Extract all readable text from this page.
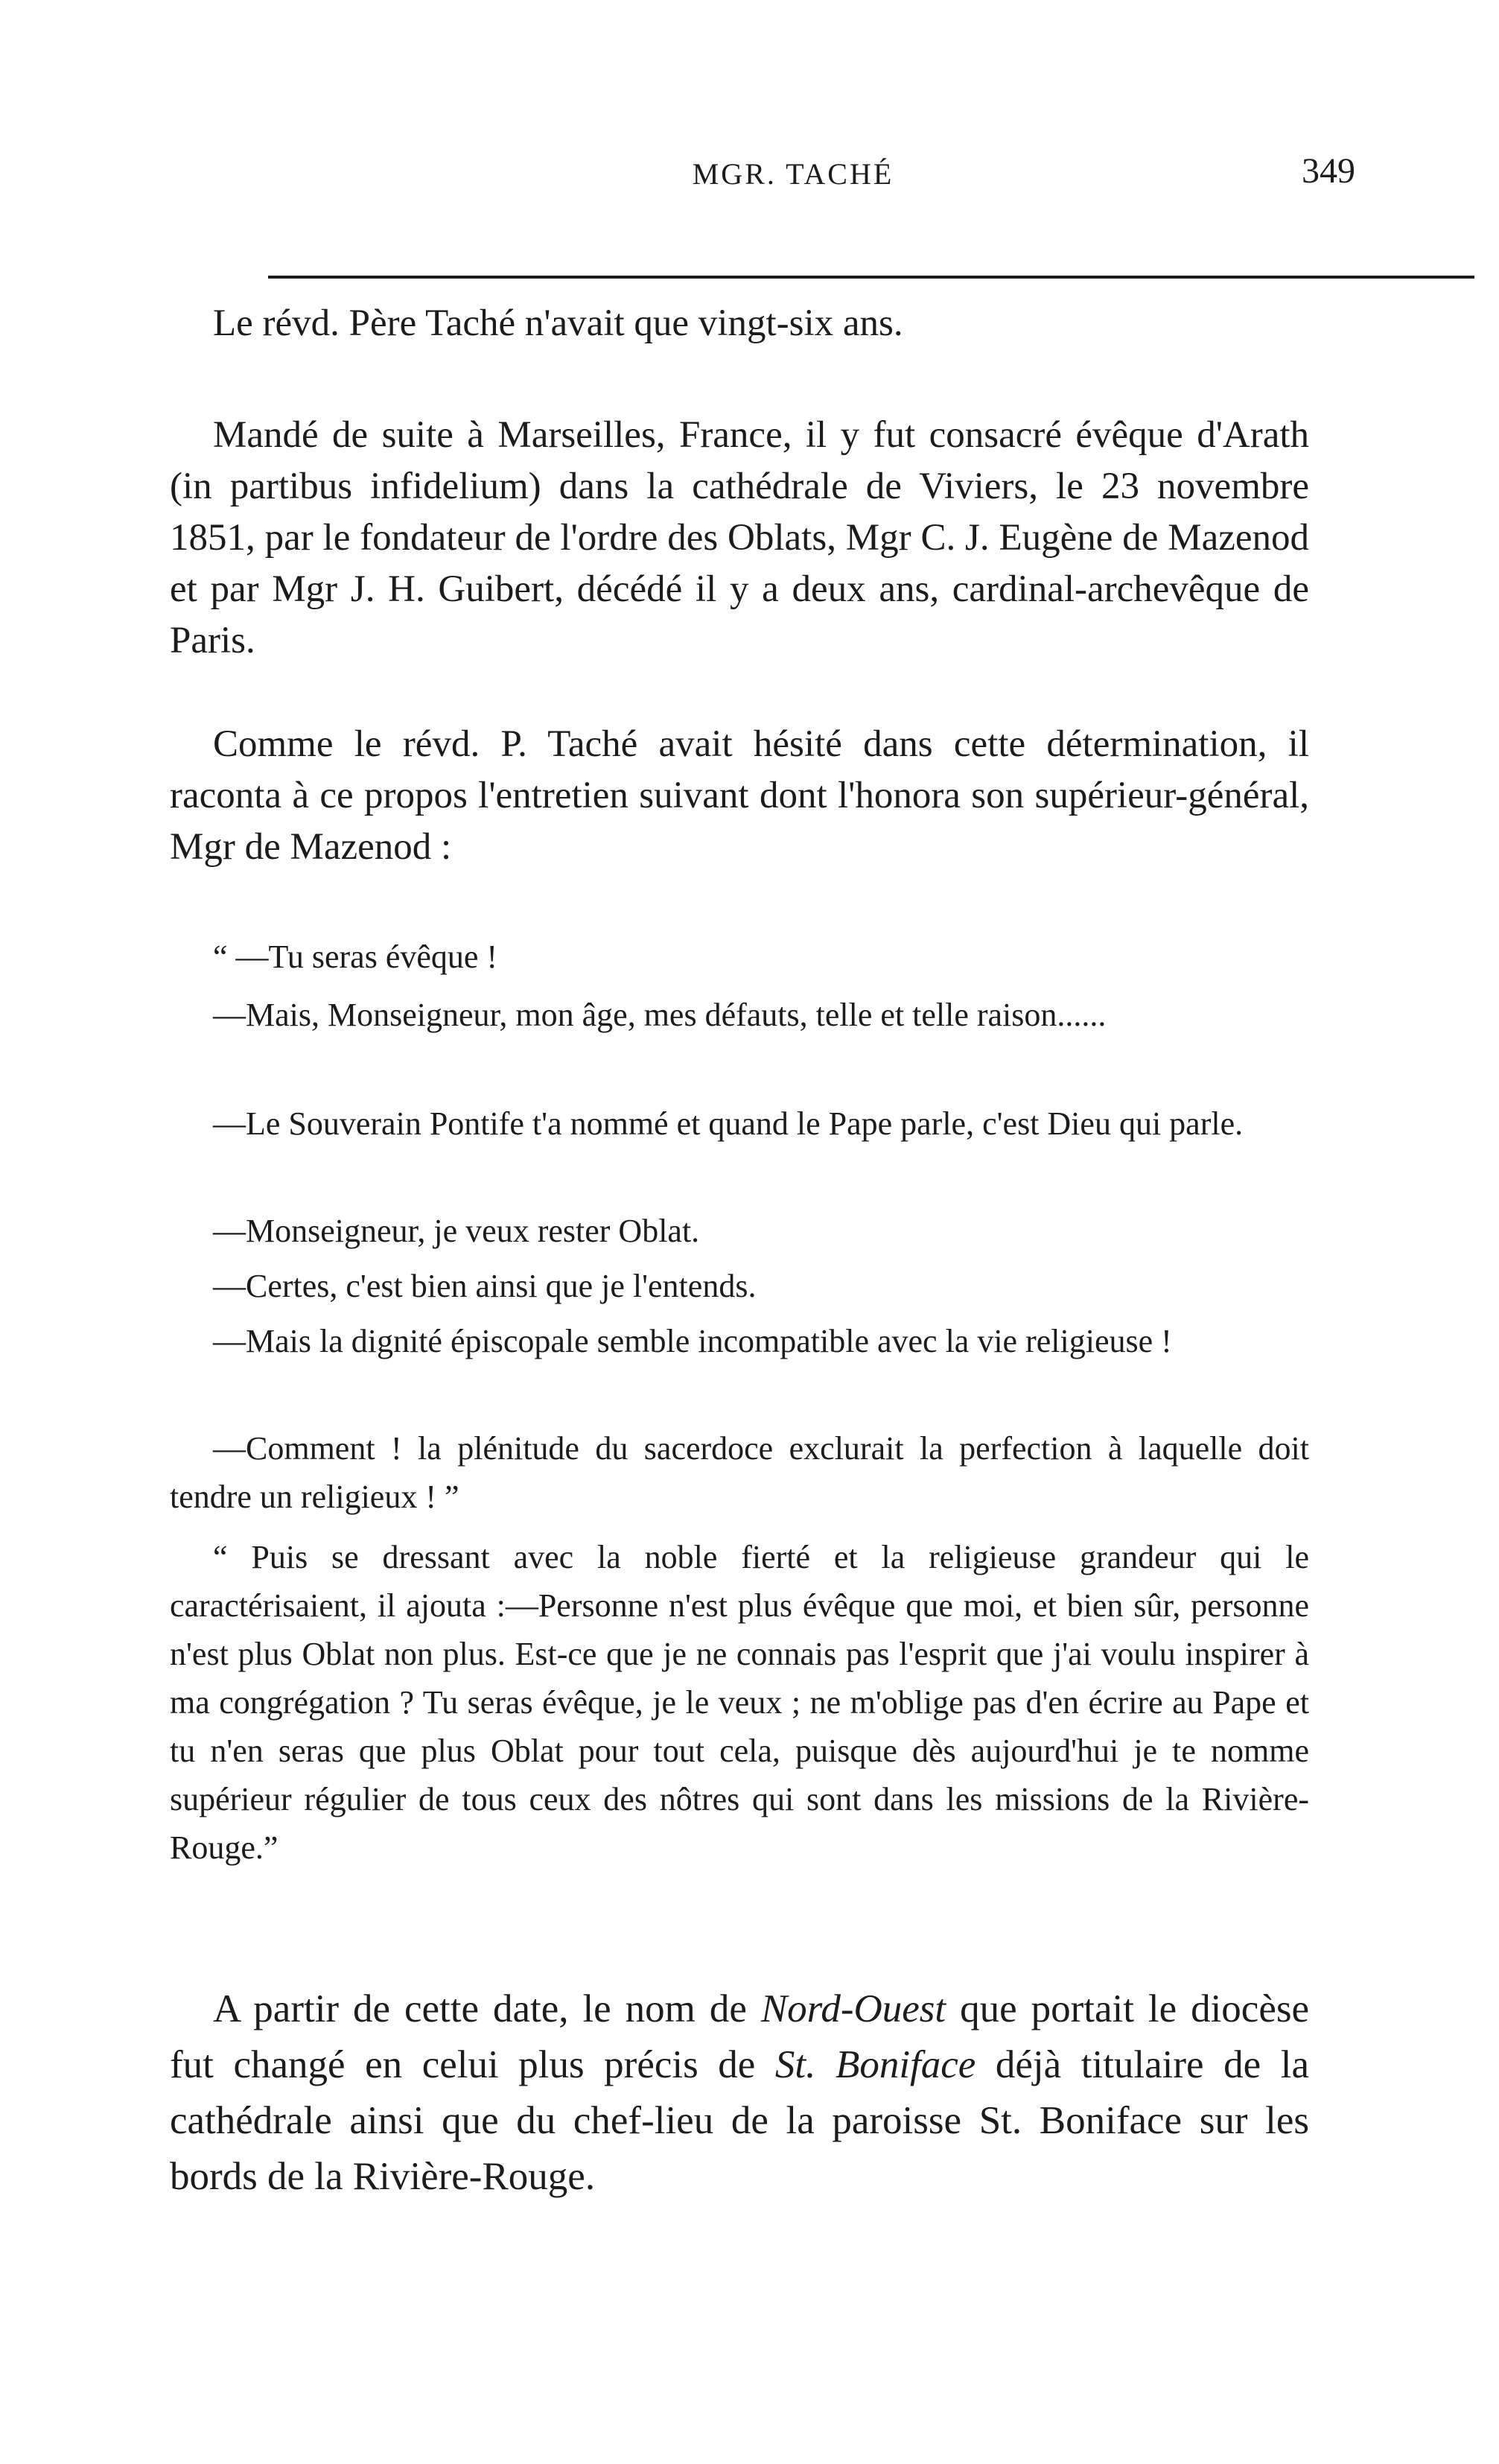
MGR. TACHÉ	349

Le révd. Père Taché n'avait que vingt-six ans.

Mandé de suite à Marseilles, France, il y fut consacré évêque d'Arath (in partibus infidelium) dans la cathédrale de Viviers, le 23 novembre 1851, par le fondateur de l'ordre des Oblats, Mgr C. J. Eugène de Mazenod et par Mgr J. H. Guibert, décédé il y a deux ans, cardinal-archevêque de Paris.

Comme le révd. P. Taché avait hésité dans cette détermination, il raconta à ce propos l'entretien suivant dont l'honora son supérieur-général, Mgr de Mazenod :

“ —Tu seras évêque !

—Mais, Monseigneur, mon âge, mes défauts, telle et telle raison......

—Le Souverain Pontife t'a nommé et quand le Pape parle, c'est Dieu qui parle.

—Monseigneur, je veux rester Oblat.

—Certes, c'est bien ainsi que je l'entends.

—Mais la dignité épiscopale semble incompatible avec la vie religieuse !

—Comment ! la plénitude du sacerdoce exclurait la perfection à laquelle doit tendre un religieux ! ”

“ Puis se dressant avec la noble fierté et la religieuse grandeur qui le caractérisaient, il ajouta :—Personne n'est plus évêque que moi, et bien sûr, personne n'est plus Oblat non plus. Est-ce que je ne connais pas l'esprit que j'ai voulu inspirer à ma congrégation ? Tu seras évêque, je le veux ; ne m'oblige pas d'en écrire au Pape et tu n'en seras que plus Oblat pour tout cela, puisque dès aujourd'hui je te nomme supérieur régulier de tous ceux des nôtres qui sont dans les missions de la Rivière-Rouge.”

A partir de cette date, le nom de Nord-Ouest que portait le diocèse fut changé en celui plus précis de St. Boniface déjà titulaire de la cathédrale ainsi que du chef-lieu de la paroisse St. Boniface sur les bords de la Rivière-Rouge.
